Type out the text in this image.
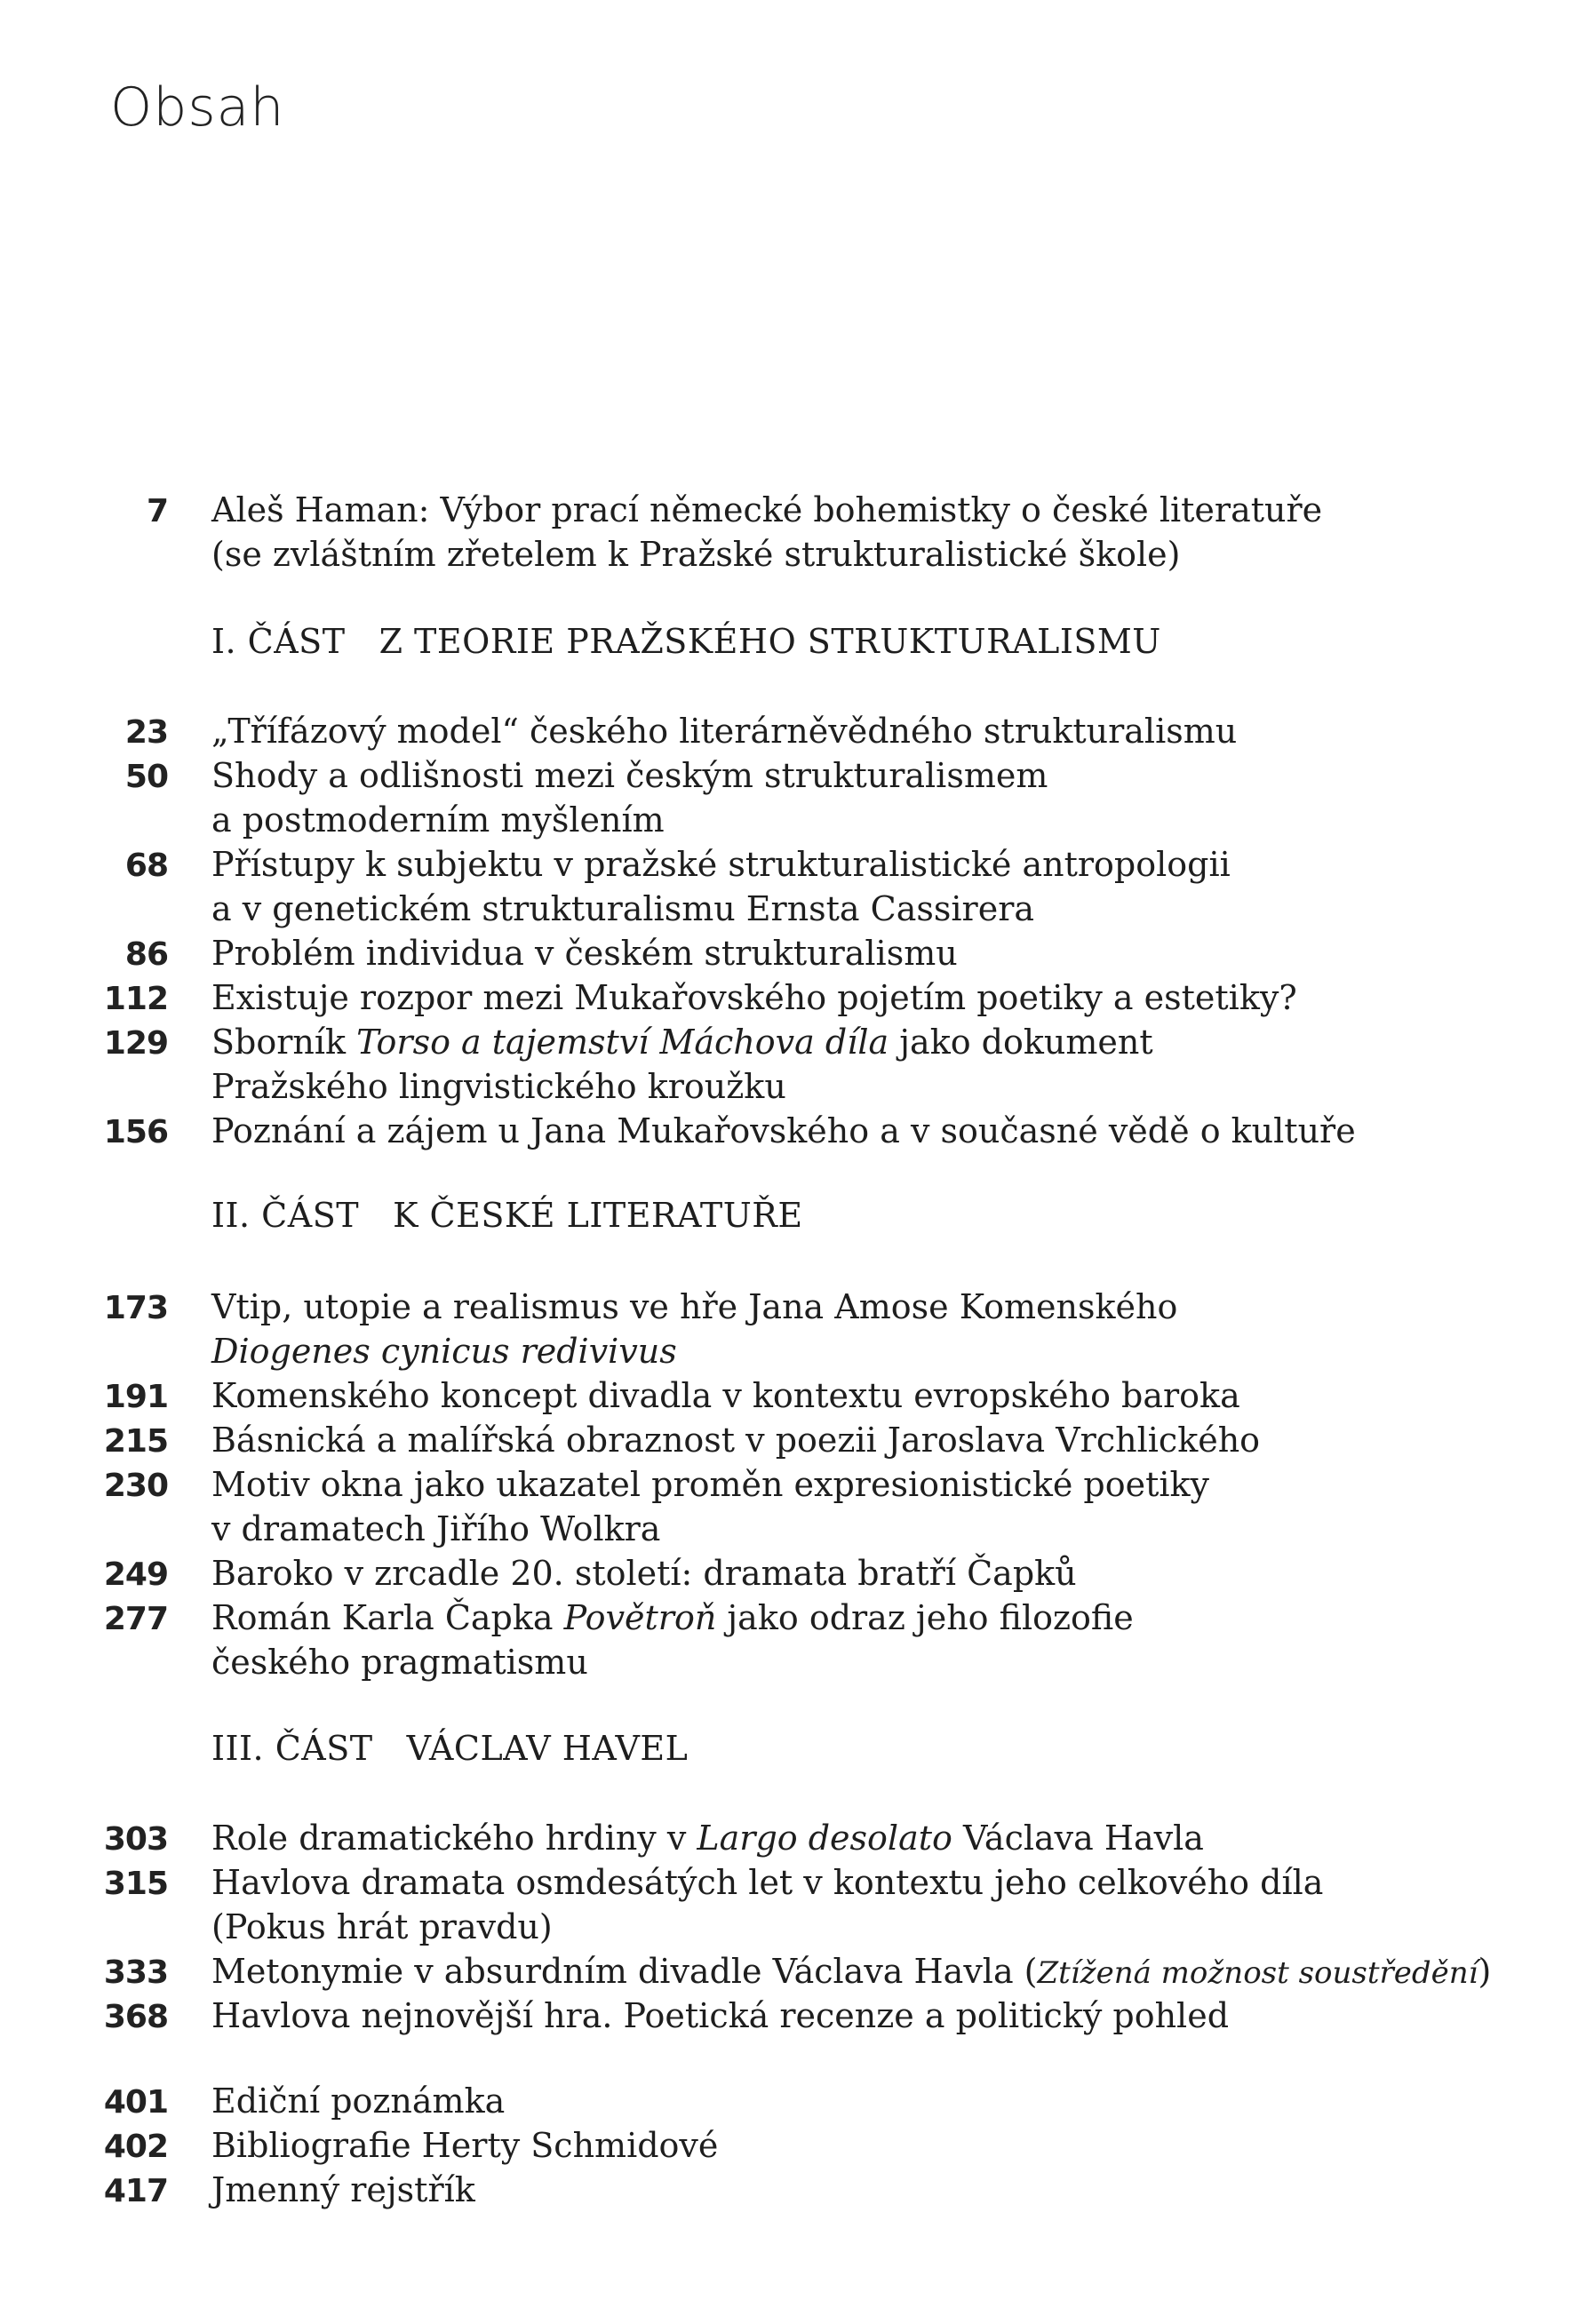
Obsah
7 Aleš Haman: Výbor prací německé bohemistky o české literatuře
(se zvláštním zřetelem k Pražské strukturalistické škole)
I. ČÁST Z TEORIE PRAŽSKÉHO STRUKTURALISMU
23 „Třífázový model“ českého literárněvědného strukturalismu
50 Shody a odlišnosti mezi českým strukturalismem
a postmoderním myšlením
68 Přístupy k subjektu v pražské strukturalistické antropologii
a v genetickém strukturalismu Ernsta Cassirera
86 Problém individua v českém strukturalismu
112 Existuje rozpor mezi Mukařovského pojetím poetiky a estetiky?
129 Sborník Torso a tajemství Máchova díla jako dokument
Pražského lingvistického kroužku
156 Poznání a zájem u Jana Mukařovského a v současné vědě o kultuře
II. ČÁST K ČESKÉ LITERATUŘE
173 Vtip, utopie a realismus ve hře Jana Amose Komenského
Diogenes cynicus redivivus
191 Komenského koncept divadla v kontextu evropského baroka
215 Básnická a malířská obraznost v poezii Jaroslava Vrchlického
230 Motiv okna jako ukazatel proměn expresionistické poetiky
v dramatech Jiřího Wolkra
249 Baroko v zrcadle 20. století: dramata bratří Čapků
277 Román Karla Čapka Povětroň jako odraz jeho filozofie
českého pragmatismu
III. ČÁST VÁCLAV HAVEL
303 Role dramatického hrdiny v Largo desolato Václava Havla
315 Havlova dramata osmdesátých let v kontextu jeho celkového díla
(Pokus hrát pravdu)
333 Metonymie v absurdním divadle Václava Havla (Ztížená možnost soustředění)
368 Havlova nejnovější hra. Poetická recenze a politický pohled
401 Ediční poznámka
402 Bibliografie Herty Schmidové
417 Jmenný rejstřík
